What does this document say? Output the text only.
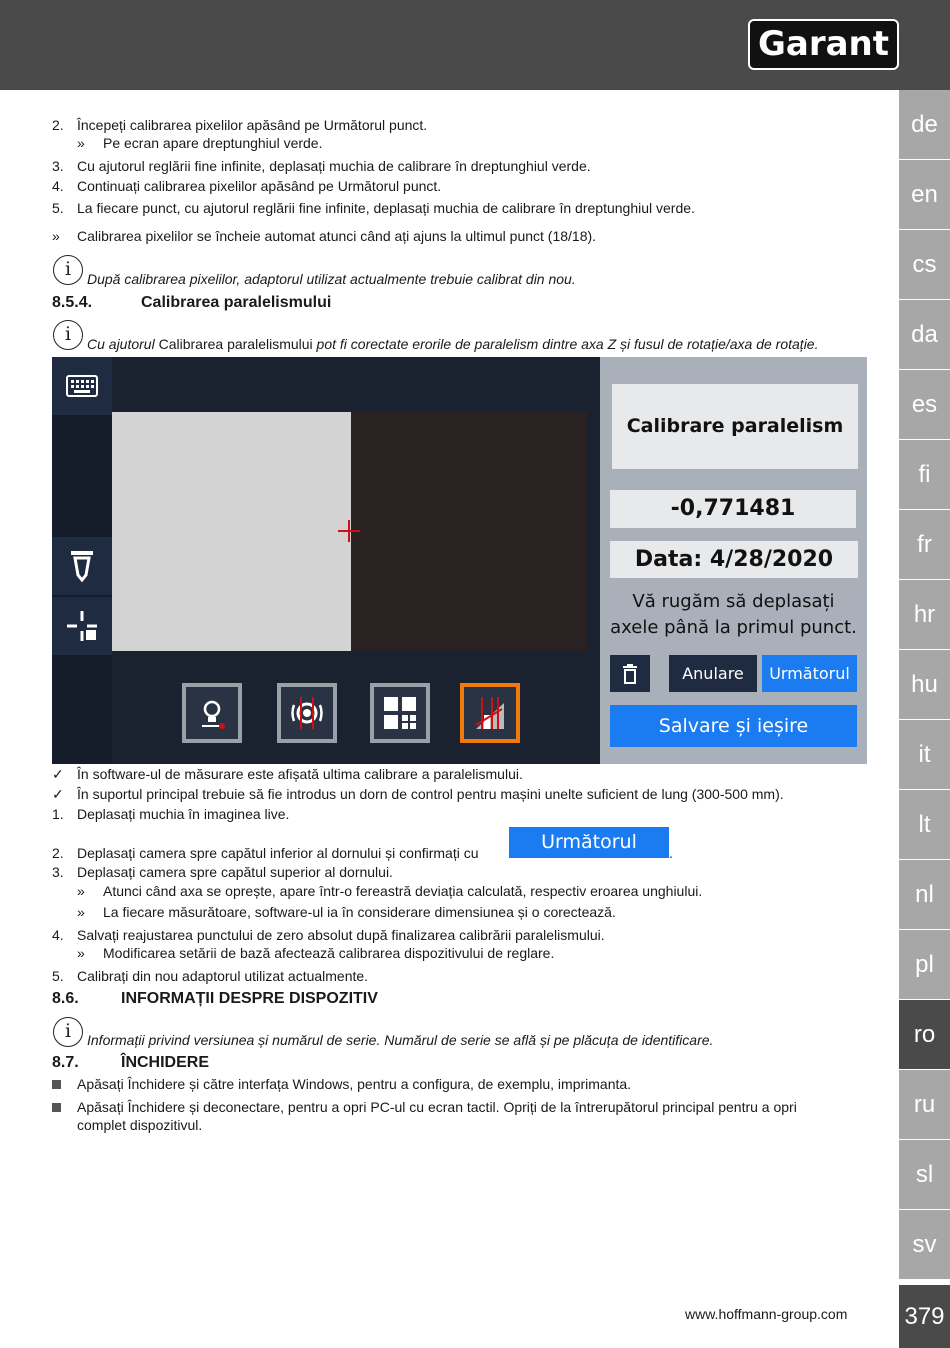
Garant
de
en
cs
da
es
fi
fr
hr
hu
it
lt
nl
pl
ro
ru
sl
sv
379
2. Începeți calibrarea pixelilor apăsând pe Următorul punct.
» Pe ecran apare dreptunghiul verde.
3. Cu ajutorul reglării fine infinite, deplasați muchia de calibrare în dreptunghiul verde.
4. Continuați calibrarea pixelilor apăsând pe Următorul punct.
5. La fiecare punct, cu ajutorul reglării fine infinite, deplasați muchia de calibrare în dreptunghiul verde.
» Calibrarea pixelilor se încheie automat atunci când ați ajuns la ultimul punct (18/18).
i	După calibrarea pixelilor, adaptorul utilizat actualmente trebuie calibrat din nou.
8.5.4.	Calibrarea paralelismului
i	Cu ajutorul Calibrarea paralelismului pot fi corectate erorile de paralelism dintre axa Z și fusul de rotație/axa de rotație.
Calibrare paralelism
-0,771481
Data: 4/28/2020
Vă rugăm să deplasați axele până la primul punct.
Anulare	Următorul
Salvare și ieșire
✓ În software-ul de măsurare este afișată ultima calibrare a paralelismului.
✓ În suportul principal trebuie să fie introdus un dorn de control pentru mașini unelte suficient de lung (300-500 mm).
1. Deplasați muchia în imaginea live.
2. Deplasați camera spre capătul inferior al dornului și confirmați cu	Următorul	.
3. Deplasați camera spre capătul superior al dornului.
» Atunci când axa se oprește, apare într-o fereastră deviația calculată, respectiv eroarea unghiului.
» La fiecare măsurătoare, software-ul ia în considerare dimensiunea și o corectează.
4. Salvați reajustarea punctului de zero absolut după finalizarea calibrării paralelismului.
» Modificarea setării de bază afectează calibrarea dispozitivului de reglare.
5. Calibrați din nou adaptorul utilizat actualmente.
8.6.	INFORMAȚII DESPRE DISPOZITIV
i	Informații privind versiunea și numărul de serie. Numărul de serie se află și pe plăcuța de identificare.
8.7.	ÎNCHIDERE
Apăsați Închidere și către interfața Windows, pentru a configura, de exemplu, imprimanta.
Apăsați Închidere și deconectare, pentru a opri PC-ul cu ecran tactil. Opriți de la întrerupătorul principal pentru a opri
complet dispozitivul.
www.hoffmann-group.com
